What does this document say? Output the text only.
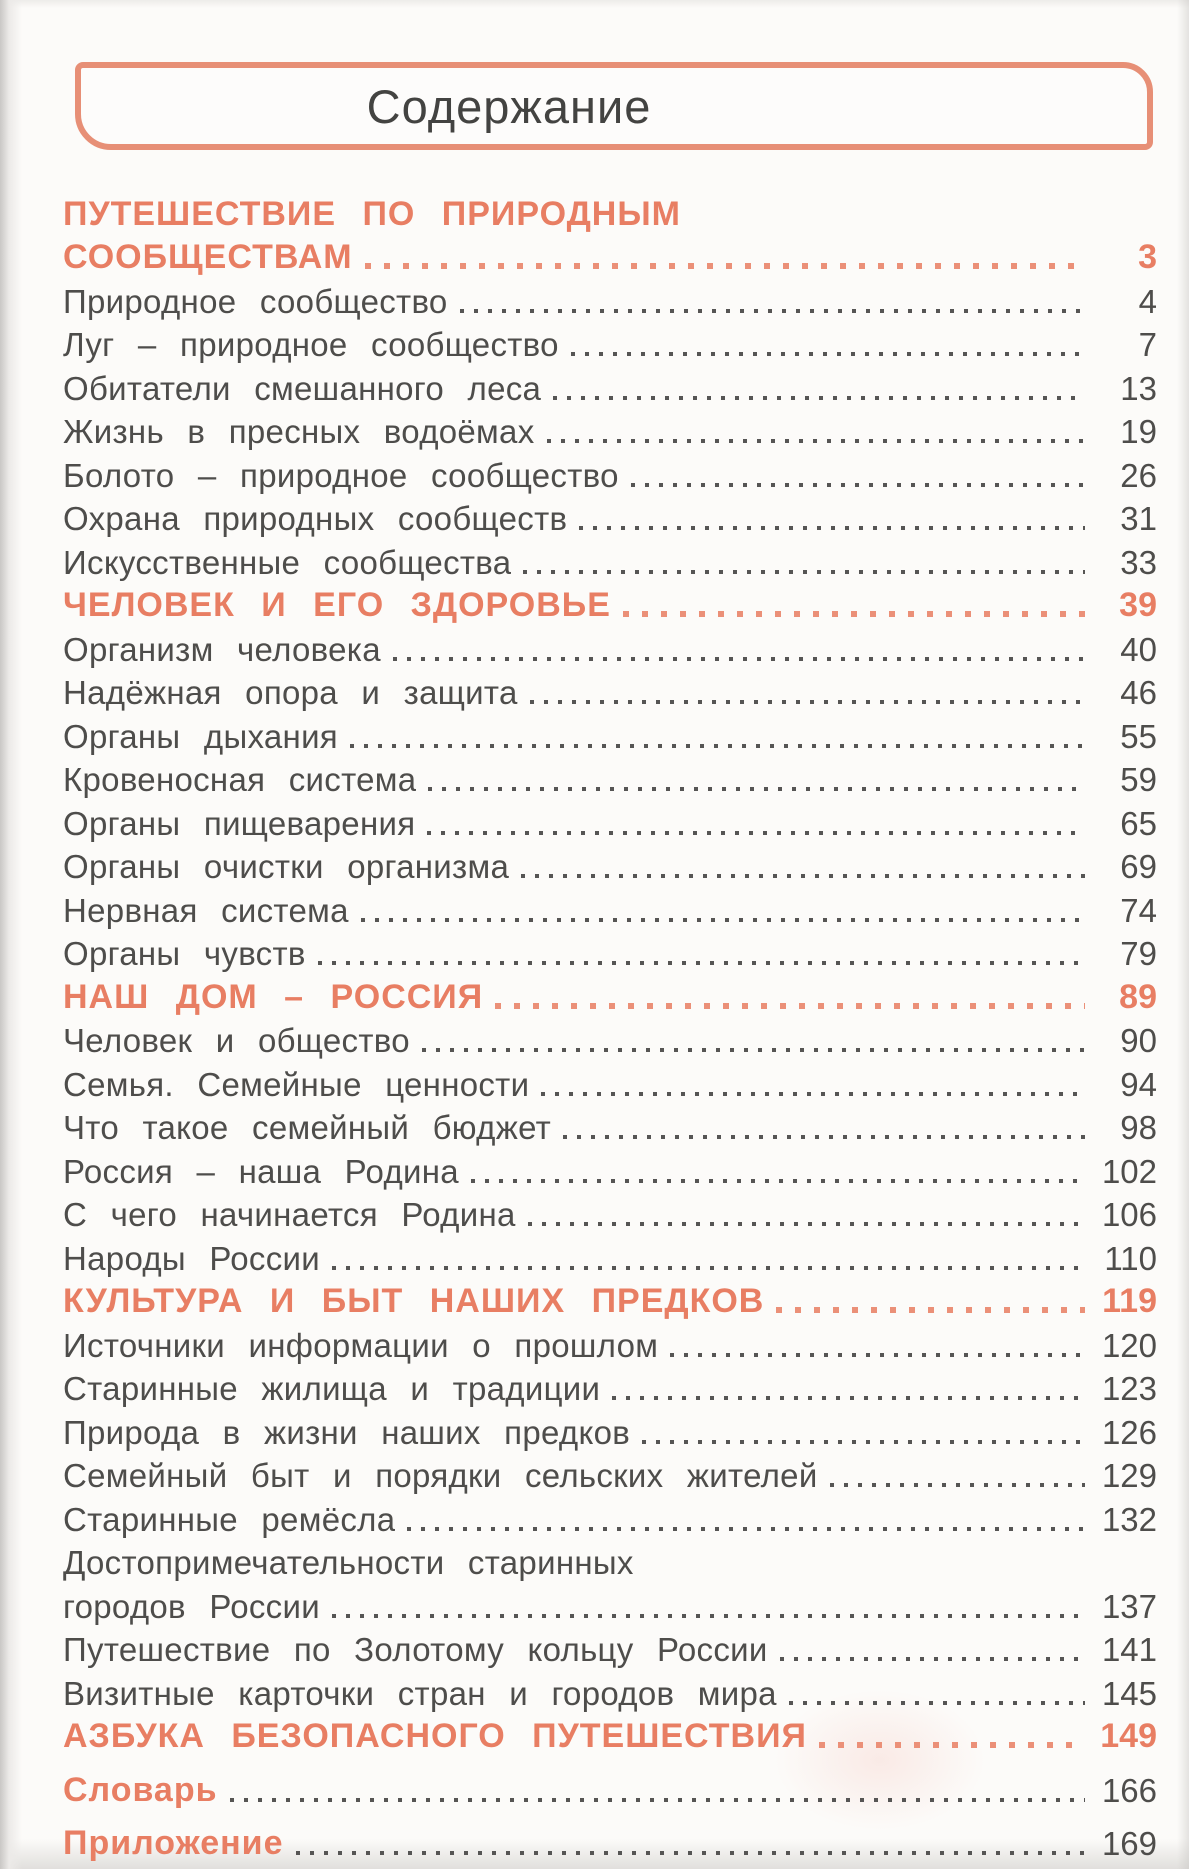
Содержание
ПУТЕШЕСТВИЕ ПО ПРИРОДНЫМ
СООБЩЕСТВАМ	3
Природное сообщество	4
Луг – природное сообщество	7
Обитатели смешанного леса	13
Жизнь в пресных водоёмах	19
Болото – природное сообщество	26
Охрана природных сообществ	31
Искусственные сообщества	33
ЧЕЛОВЕК И ЕГО ЗДОРОВЬЕ	39
Организм человека	40
Надёжная опора и защита	46
Органы дыхания	55
Кровеносная система	59
Органы пищеварения	65
Органы очистки организма	69
Нервная система	74
Органы чувств	79
НАШ ДОМ – РОССИЯ	89
Человек и общество	90
Семья. Семейные ценности	94
Что такое семейный бюджет	98
Россия – наша Родина	102
С чего начинается Родина	106
Народы России	110
КУЛЬТУРА И БЫТ НАШИХ ПРЕДКОВ	119
Источники информации о прошлом	120
Старинные жилища и традиции	123
Природа в жизни наших предков	126
Семейный быт и порядки сельских жителей	129
Старинные ремёсла	132
Достопримечательности старинных
городов России	137
Путешествие по Золотому кольцу России	141
Визитные карточки стран и городов мира	145
АЗБУКА БЕЗОПАСНОГО ПУТЕШЕСТВИЯ	149
Словарь	166
Приложение	169
